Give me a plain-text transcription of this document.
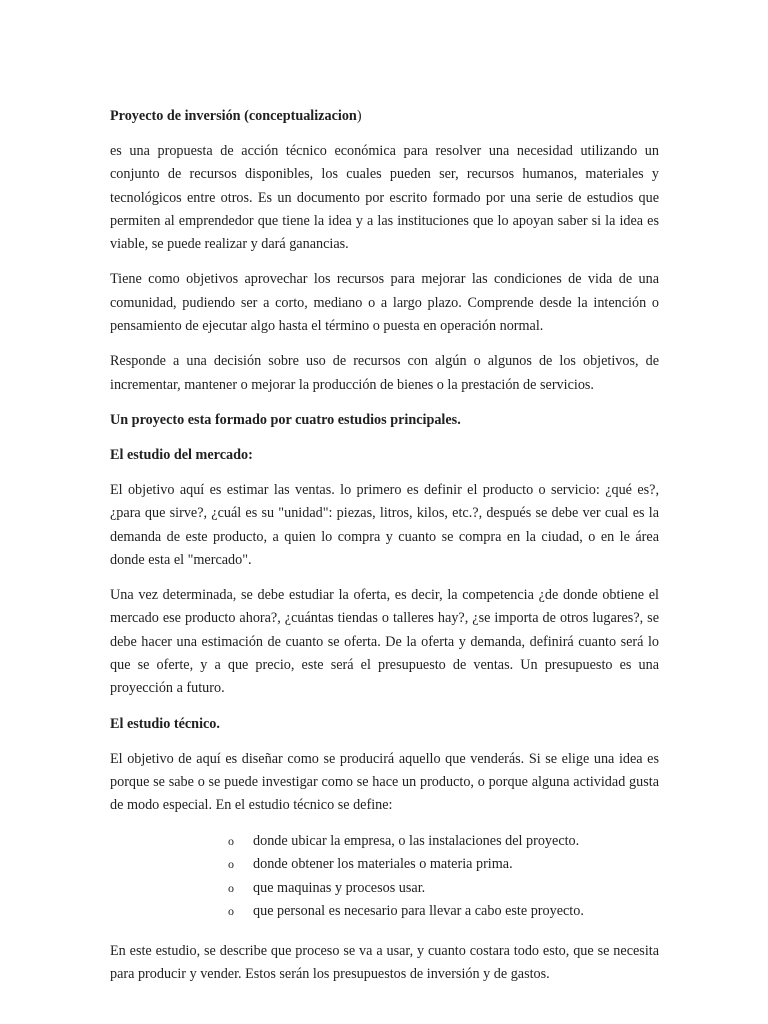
Proyecto de inversión (conceptualizacion)

es una propuesta de acción técnico económica para resolver una necesidad utilizando un conjunto de recursos disponibles, los cuales pueden ser, recursos humanos, materiales y tecnológicos entre otros. Es un documento por escrito formado por una serie de estudios que permiten al emprendedor que tiene la idea y a las instituciones que lo apoyan saber si la idea es viable, se puede realizar y dará ganancias.

Tiene como objetivos aprovechar los recursos para mejorar las condiciones de vida de una comunidad, pudiendo ser a corto, mediano o a largo plazo. Comprende desde la intención o pensamiento de ejecutar algo hasta el término o puesta en operación normal.

Responde a una decisión sobre uso de recursos con algún o algunos de los objetivos, de incrementar, mantener o mejorar la producción de bienes o la prestación de servicios.

Un proyecto esta formado por cuatro estudios principales.
El estudio del mercado:

El objetivo aquí es estimar las ventas. lo primero es definir el producto o servicio: ¿qué es?, ¿para que sirve?, ¿cuál es su "unidad": piezas, litros, kilos, etc.?, después se debe ver cual es la demanda de este producto, a quien lo compra y cuanto se compra en la ciudad, o en le área donde esta el "mercado".

Una vez determinada, se debe estudiar la oferta, es decir, la competencia ¿de donde obtiene el mercado ese producto ahora?, ¿cuántas tiendas o talleres hay?, ¿se importa de otros lugares?, se debe hacer una estimación de cuanto se oferta. De la oferta y demanda, definirá cuanto será lo que se oferte, y a que precio, este será el presupuesto de ventas. Un presupuesto es una proyección a futuro.

El estudio técnico.

El objetivo de aquí es diseñar como se producirá aquello que venderás. Si se elige una idea es porque se sabe o se puede investigar como se hace un producto, o porque alguna actividad gusta de modo especial. En el estudio técnico se define:

o donde ubicar la empresa, o las instalaciones del proyecto.
o donde obtener los materiales o materia prima.
o que maquinas y procesos usar.
o que personal es necesario para llevar a cabo este proyecto.

En este estudio, se describe que proceso se va a usar, y cuanto costara todo esto, que se necesita para producir y vender. Estos serán los presupuestos de inversión y de gastos.
